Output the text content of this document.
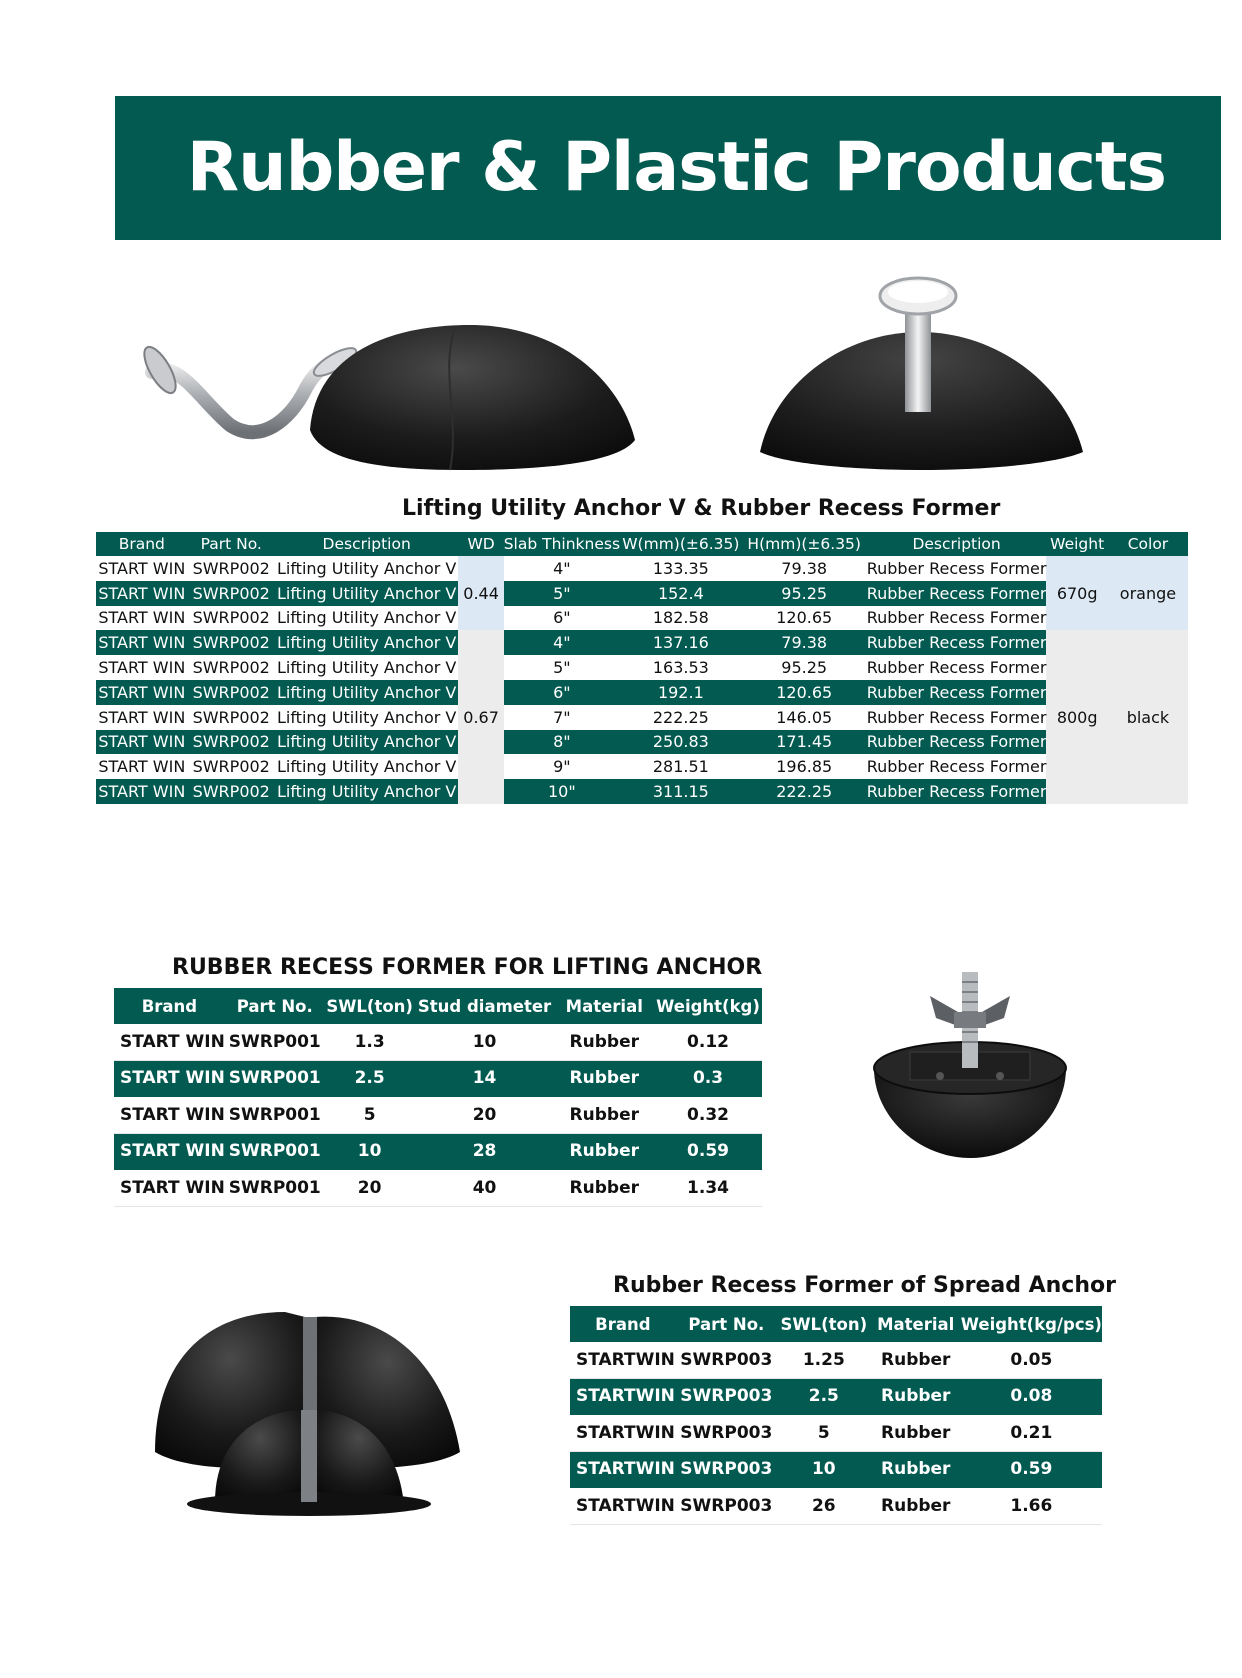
Rubber & Plastic Products
Lifting Utility Anchor V & Rubber Recess Former
Brand	Part No.	Description	WD	Slab Thinkness	W(mm)(±6.35)	H(mm)(±6.35)	Description	Weight	Color
START WIN	SWRP002	Lifting Utility Anchor V	0.44	4"	133.35	79.38	Rubber Recess Former	670g	orange
START WIN	SWRP002	Lifting Utility Anchor V		5"	152.4	95.25	Rubber Recess Former		
START WIN	SWRP002	Lifting Utility Anchor V		6"	182.58	120.65	Rubber Recess Former		
START WIN	SWRP002	Lifting Utility Anchor V	0.67	4"	137.16	79.38	Rubber Recess Former	800g	black
START WIN	SWRP002	Lifting Utility Anchor V		5"	163.53	95.25	Rubber Recess Former		
START WIN	SWRP002	Lifting Utility Anchor V		6"	192.1	120.65	Rubber Recess Former		
START WIN	SWRP002	Lifting Utility Anchor V		7"	222.25	146.05	Rubber Recess Former		
START WIN	SWRP002	Lifting Utility Anchor V		8"	250.83	171.45	Rubber Recess Former		
START WIN	SWRP002	Lifting Utility Anchor V		9"	281.51	196.85	Rubber Recess Former		
START WIN	SWRP002	Lifting Utility Anchor V		10"	311.15	222.25	Rubber Recess Former		
RUBBER RECESS FORMER FOR LIFTING ANCHOR
Brand	Part No.	SWL(ton)	Stud diameter	Material	Weight(kg)
START WIN	SWRP001	1.3	10	Rubber	0.12
START WIN	SWRP001	2.5	14	Rubber	0.3
START WIN	SWRP001	5	20	Rubber	0.32
START WIN	SWRP001	10	28	Rubber	0.59
START WIN	SWRP001	20	40	Rubber	1.34
Rubber Recess Former of Spread Anchor
Brand	Part No.	SWL(ton)	Material	Weight(kg/pcs)
STARTWIN	SWRP003	1.25	Rubber	0.05
STARTWIN	SWRP003	2.5	Rubber	0.08
STARTWIN	SWRP003	5	Rubber	0.21
STARTWIN	SWRP003	10	Rubber	0.59
STARTWIN	SWRP003	26	Rubber	1.66
